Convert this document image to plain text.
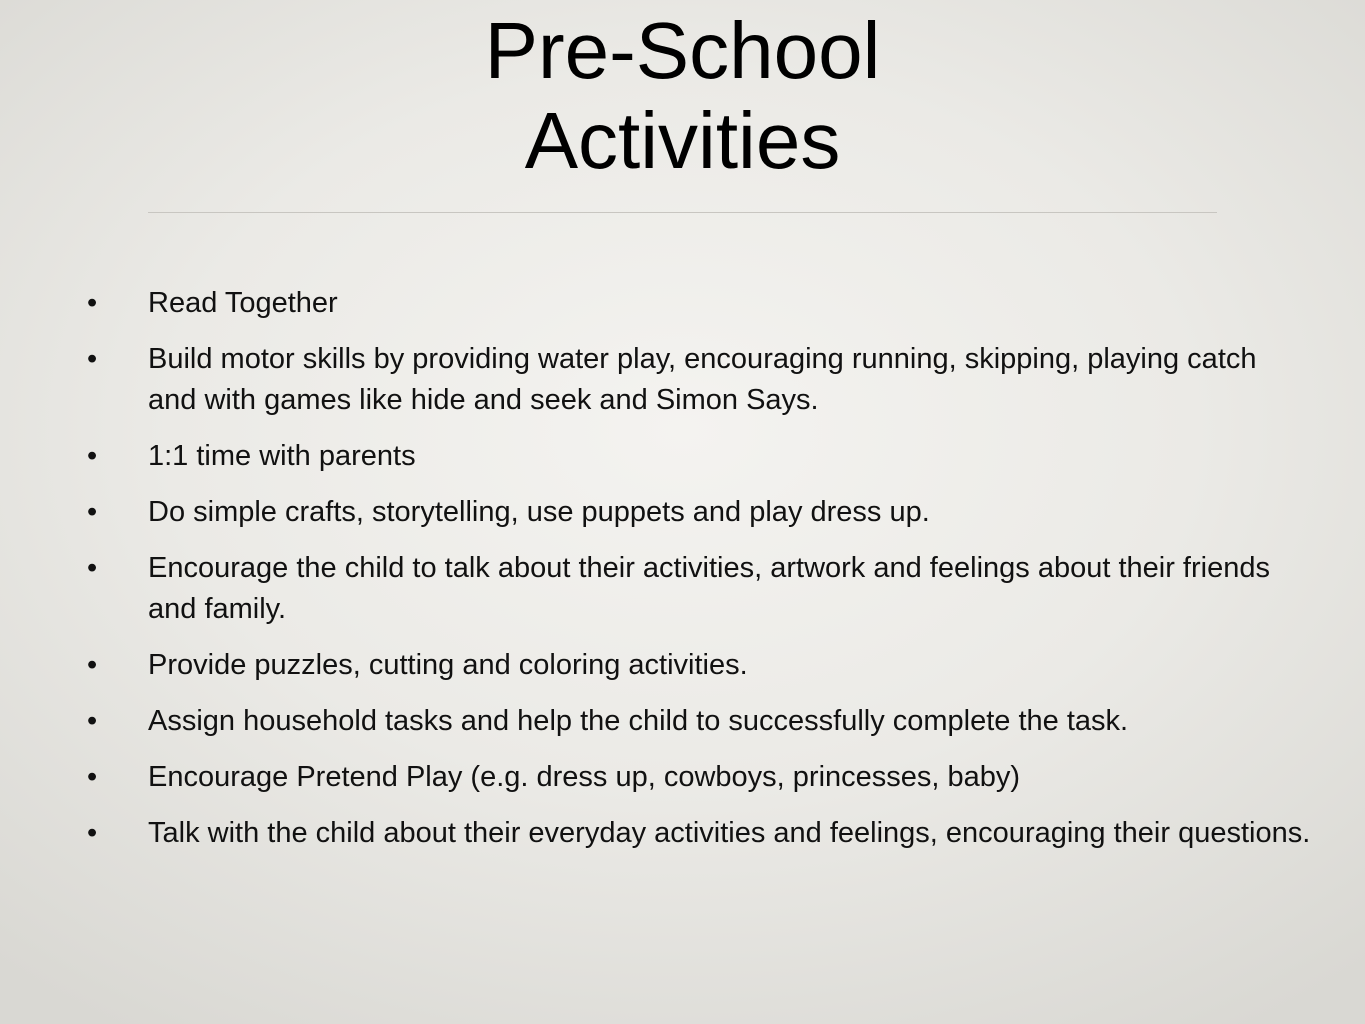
Pre-School
Activities
•	Read Together
•	Build motor skills by providing water play, encouraging running, skipping, playing catch and with games like hide and seek and Simon Says.
•	1:1 time with parents
•	Do simple crafts, storytelling, use puppets and play dress up.
•	Encourage the child to talk about their activities, artwork and feelings about their friends and family.
•	Provide puzzles, cutting and coloring activities.
•	Assign household tasks and help the child to successfully complete the task.
•	Encourage Pretend Play (e.g. dress up, cowboys, princesses, baby)
•	Talk with the child about their everyday activities and feelings, encouraging their questions.
